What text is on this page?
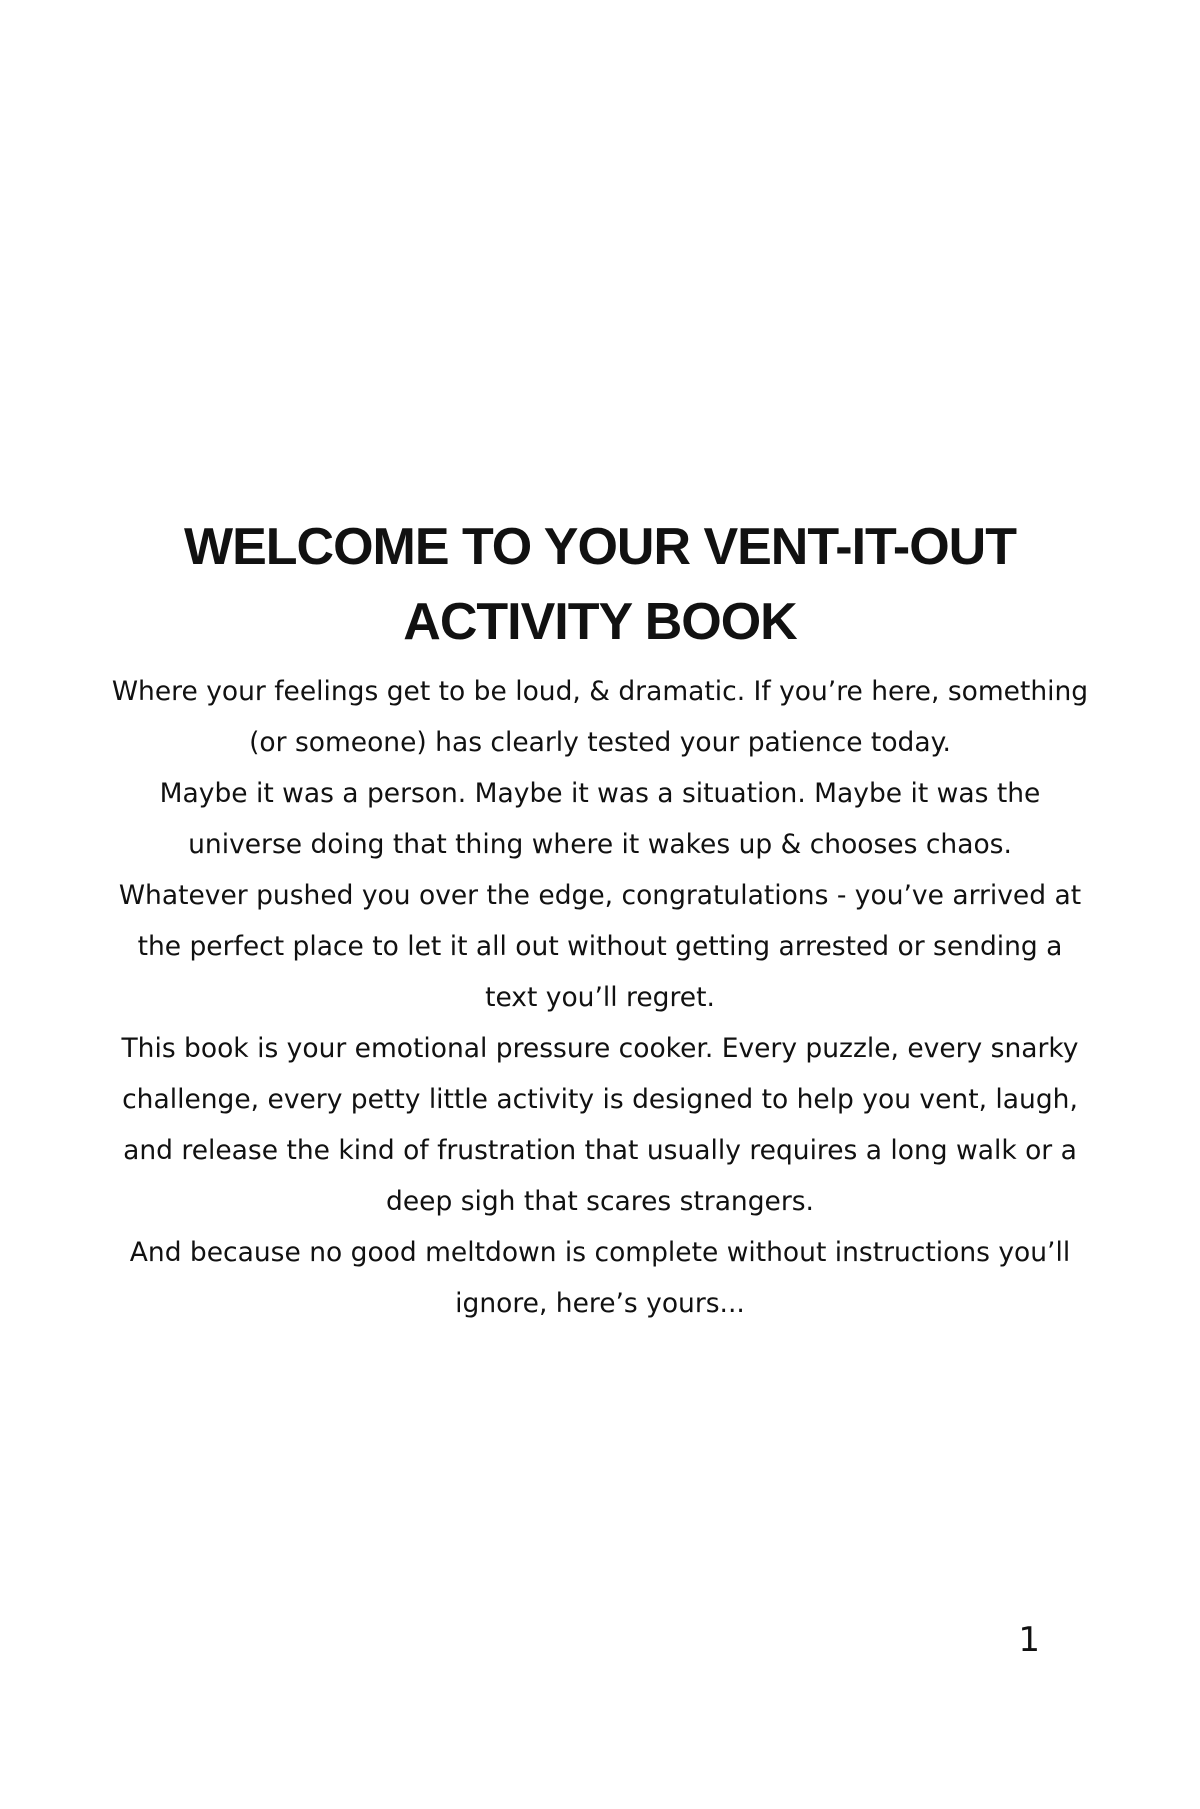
WELCOME TO YOUR VENT-IT-OUT
ACTIVITY BOOK

Where your feelings get to be loud, & dramatic. If you’re here, something (or someone) has clearly tested your patience today.

Maybe it was a person. Maybe it was a situation. Maybe it was the universe doing that thing where it wakes up & chooses chaos.

Whatever pushed you over the edge, congratulations - you’ve arrived at the perfect place to let it all out without getting arrested or sending a text you’ll regret.

This book is your emotional pressure cooker. Every puzzle, every snarky challenge, every petty little activity is designed to help you vent, laugh, and release the kind of frustration that usually requires a long walk or a deep sigh that scares strangers.

And because no good meltdown is complete without instructions you’ll ignore, here’s yours...

1
